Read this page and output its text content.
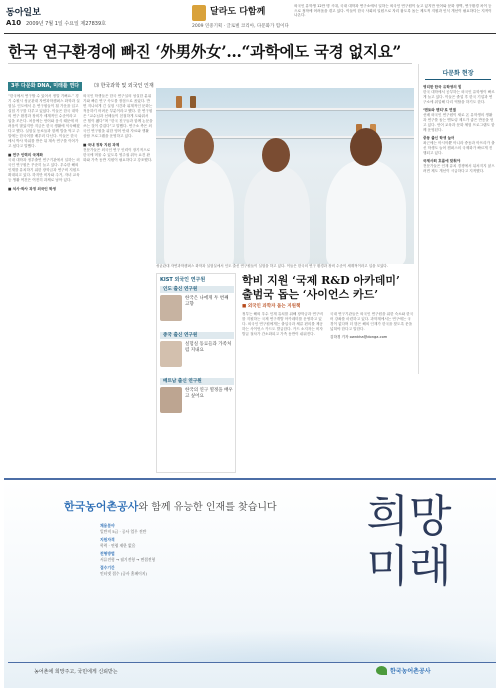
동아일보
A10 2009년 7월 1일 수요일 제27839호
달라도 다함께
2009 연중기획 · 글로벌 코리아, 다문화가 힘이다
외국인 유학생 12만 명 시대, 국내 대학과 연구소에서 일하는 외국인 연구원이 늘고 있지만 언어와 문화 장벽, 연구환경 차이 등으로 정착에 어려움을 겪고 있다. 이들이 한국 사회의 일원으로 자리 잡도록 돕는 제도적 지원과 인식 개선이 필요하다는 지적이 나온다.
한국 연구환경에 빠진 ‘外男外女’…“과학에도 국경 없지요”
3부 다문화 DNA, 미래를 연다	⑶ 한국과학 및 외국인 인재
“한국에서 연구할 수 있어서 정말 기뻐요.” 경기 수원시 성균관대 자연과학캠퍼스 화학과 실험실. 인도에서 온 연구원들이 흰 가운을 입고 실험 기구를 다루고 있었다. 이들은 한국 대학의 연구 환경과 장비가 세계적인 수준이라고 입을 모은다. 처음에는 언어와 음식 때문에 어려움이 많았지만 지금은 한국 생활에 익숙해졌다고 했다. 실험실 동료들과 함께 밥을 먹고 주말에는 한국어를 배우러 다닌다. 이들은 한국에서 박사 학위를 받은 뒤 계속 연구를 이어가고 싶다고 말했다.
■ 연구 인력의 국제화
국내 대학과 정부출연 연구기관에서 일하는 외국인 연구원은 꾸준히 늘고 있다. 우수한 해외 인재를 유치하기 위한 장학금과 연구비 지원도 확대되고 있다. 하지만 비자와 주거, 자녀 교육 등 생활 여건은 여전히 과제로 남아 있다.
■ 석사·박사 과정 외국인 학생
외국인 학생들은 한국 연구실의 성실한 분위기와 빠른 연구 속도를 장점으로 꼽았다. 반면 지나치게 긴 실험 시간과 위계적인 문화는 적응하기 어려운 부분이라고 했다. 한 연구원은 “교수님과 선배들이 친절하게 도와줘서 큰 힘이 됐다”며 “한국 친구들과 함께 논문을 쓰는 것이 즐겁다”고 말했다. 연구소 측은 외국인 연구원을 위한 영어 안내 자료와 생활 상담 프로그램을 운영하고 있다.
■ 국내 정착 지원 과제
전문가들은 외국인 연구 인력이 장기적으로 한국에 머물 수 있도록 영주권 취득 요건 완화와 가족 동반 지원이 필요하다고 강조했다.
성균관대 자연과학캠퍼스 화학과 실험실에서 인도 출신 연구원들이 실험을 하고 있다. 이들은 한국의 연구 환경과 장비 수준이 세계적이라고 입을 모았다.
다문화 현장
영리한 한국 유학생의 힘
한국 대학에서 공부하는 외국인 유학생이 빠르게 늘고 있다. 이들은 졸업 후 한국 기업과 연구소에 취업해 다리 역할을 하기도 한다.
‘맨토와 멘티’로 연결
선배 외국인 연구원이 새로 온 유학생의 생활과 연구를 돕는 멘토링 제도가 좋은 반응을 얻고 있다. 언어 교육과 문화 체험 프로그램도 함께 운영된다.
중동 출신 학생 늘어
최근에는 아시아뿐 아니라 중동과 아프리카 출신 학생도 늘어 캠퍼스의 국제화가 빠르게 진행되고 있다.
국제사회 흐름에 맞춰야
전문가들은 인재 유치 경쟁에서 뒤처지지 않으려면 제도 개선이 시급하다고 지적했다.
KIST 외국인 연구원
인도 출신 연구원
한국은 나에게 두 번째 고향
중국 출신 연구원
실험실 동료들과 가족처럼 지내요
베트남 출신 연구원
한국의 연구 열정을 배우고 싶어요
학비 지원 ‘국제 R&D 아카데미’ 출범국 돕는 ‘사이언스 카드’
■ 외국인 과학자 돕는 지원책
정부는 해외 우수 인재 유치를 위해 장학금과 연구비를 지원하는 국제 연구개발 아카데미를 운영하고 있다. 외국인 연구원에게는 출입국과 체류 편의를 제공하는 사이언스 카드도 발급한다. 카드 소지자는 비자 발급 절차가 간소화되고 가족 동반이 쉬워진다.
국내 연구기관들은 외국인 연구원을 위한 숙소와 한국어 강좌를 마련하고 있다. 과학계에서는 연구에는 국경이 없다며 더 많은 해외 인재가 한국을 찾도록 문을 넓혀야 한다고 말한다.
김하경 기자 ownkha@donga.com
한국농어촌공사와 함께 유능한 인재를 찾습니다
채용분야
일반직 5급 · 공사 업무 전반
지원자격
학력 · 연령 제한 없음
전형방법
서류전형 → 필기전형 → 면접전형
접수기간
인터넷 접수 (공사 홈페이지)
희망미래
농어촌에 희망주고, 국민에게 신뢰받는	한국농어촌공사
